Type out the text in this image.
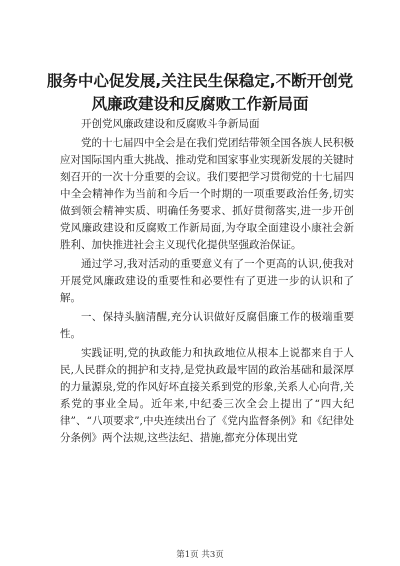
服务中心促发展,关注民生保稳定,不断开创党风廉政建设和反腐败工作新局面
开创党风廉政建设和反腐败斗争新局面

党的十七届四中全会是在我们党团结带领全国各族人民积极应对国际国内重大挑战、推动党和国家事业实现新发展的关键时刻召开的一次十分重要的会议。我们要把学习贯彻党的十七届四中全会精神作为当前和今后一个时期的一项重要政治任务,切实做到领会精神实质、明确任务要求、抓好贯彻落实,进一步开创党风廉政建设和反腐败工作新局面,为夺取全面建设小康社会新胜利、加快推进社会主义现代化提供坚强政治保证。

通过学习,我对活动的重要意义有了一个更高的认识,使我对开展党风廉政建设的重要性和必要性有了更进一步的认识和了解。

一、保持头脑清醒,充分认识做好反腐倡廉工作的极端重要性。

实践证明,党的执政能力和执政地位从根本上说都来自于人民,人民群众的拥护和支持,是党执政最牢固的政治基础和最深厚的力量源泉,党的作风好坏直接关系到党的形象,关系人心向背,关系党的事业全局。近年来,中纪委三次全会上提出了“四大纪律”、“八项要求”,中央连续出台了《党内监督条例》和《纪律处分条例》两个法规,这些法纪、措施,都充分体现出党

第1页 共3页
